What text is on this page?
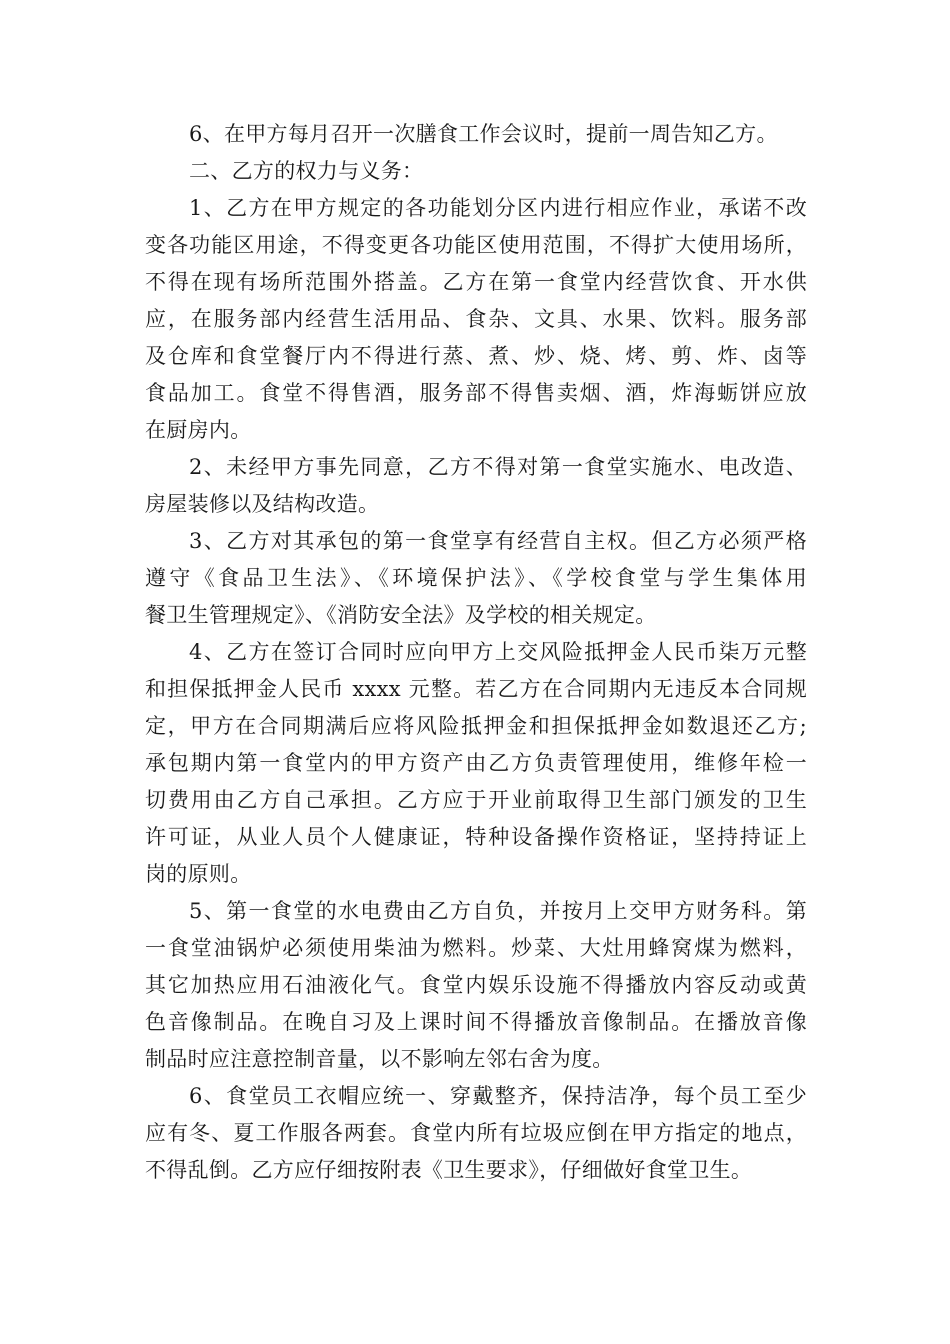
6、在甲方每月召开一次膳食工作会议时，提前一周告知乙方。
二、乙方的权力与义务：
1、乙方在甲方规定的各功能划分区内进行相应作业，承诺不改
变各功能区用途，不得变更各功能区使用范围，不得扩大使用场所，
不得在现有场所范围外搭盖。乙方在第一食堂内经营饮食、开水供
应，在服务部内经营生活用品、食杂、文具、水果、饮料。服务部
及仓库和食堂餐厅内不得进行蒸、煮、炒、烧、烤、剪、炸、卤等
食品加工。食堂不得售酒，服务部不得售卖烟、酒，炸海蛎饼应放
在厨房内。
2、未经甲方事先同意，乙方不得对第一食堂实施水、电改造、
房屋装修以及结构改造。
3、乙方对其承包的第一食堂享有经营自主权。但乙方必须严格
遵守《食品卫生法》、《环境保护法》、《学校食堂与学生集体用
餐卫生管理规定》、《消防安全法》及学校的相关规定。
4、乙方在签订合同时应向甲方上交风险抵押金人民币柒万元整
和担保抵押金人民币 xxxx 元整。若乙方在合同期内无违反本合同规
定，甲方在合同期满后应将风险抵押金和担保抵押金如数退还乙方;
承包期内第一食堂内的甲方资产由乙方负责管理使用，维修年检一
切费用由乙方自己承担。乙方应于开业前取得卫生部门颁发的卫生
许可证，从业人员个人健康证，特种设备操作资格证，坚持持证上
岗的原则。
5、第一食堂的水电费由乙方自负，并按月上交甲方财务科。第
一食堂油锅炉必须使用柴油为燃料。炒菜、大灶用蜂窝煤为燃料，
其它加热应用石油液化气。食堂内娱乐设施不得播放内容反动或黄
色音像制品。在晚自习及上课时间不得播放音像制品。在播放音像
制品时应注意控制音量，以不影响左邻右舍为度。
6、食堂员工衣帽应统一、穿戴整齐，保持洁净，每个员工至少
应有冬、夏工作服各两套。食堂内所有垃圾应倒在甲方指定的地点，
不得乱倒。乙方应仔细按附表《卫生要求》，仔细做好食堂卫生。
